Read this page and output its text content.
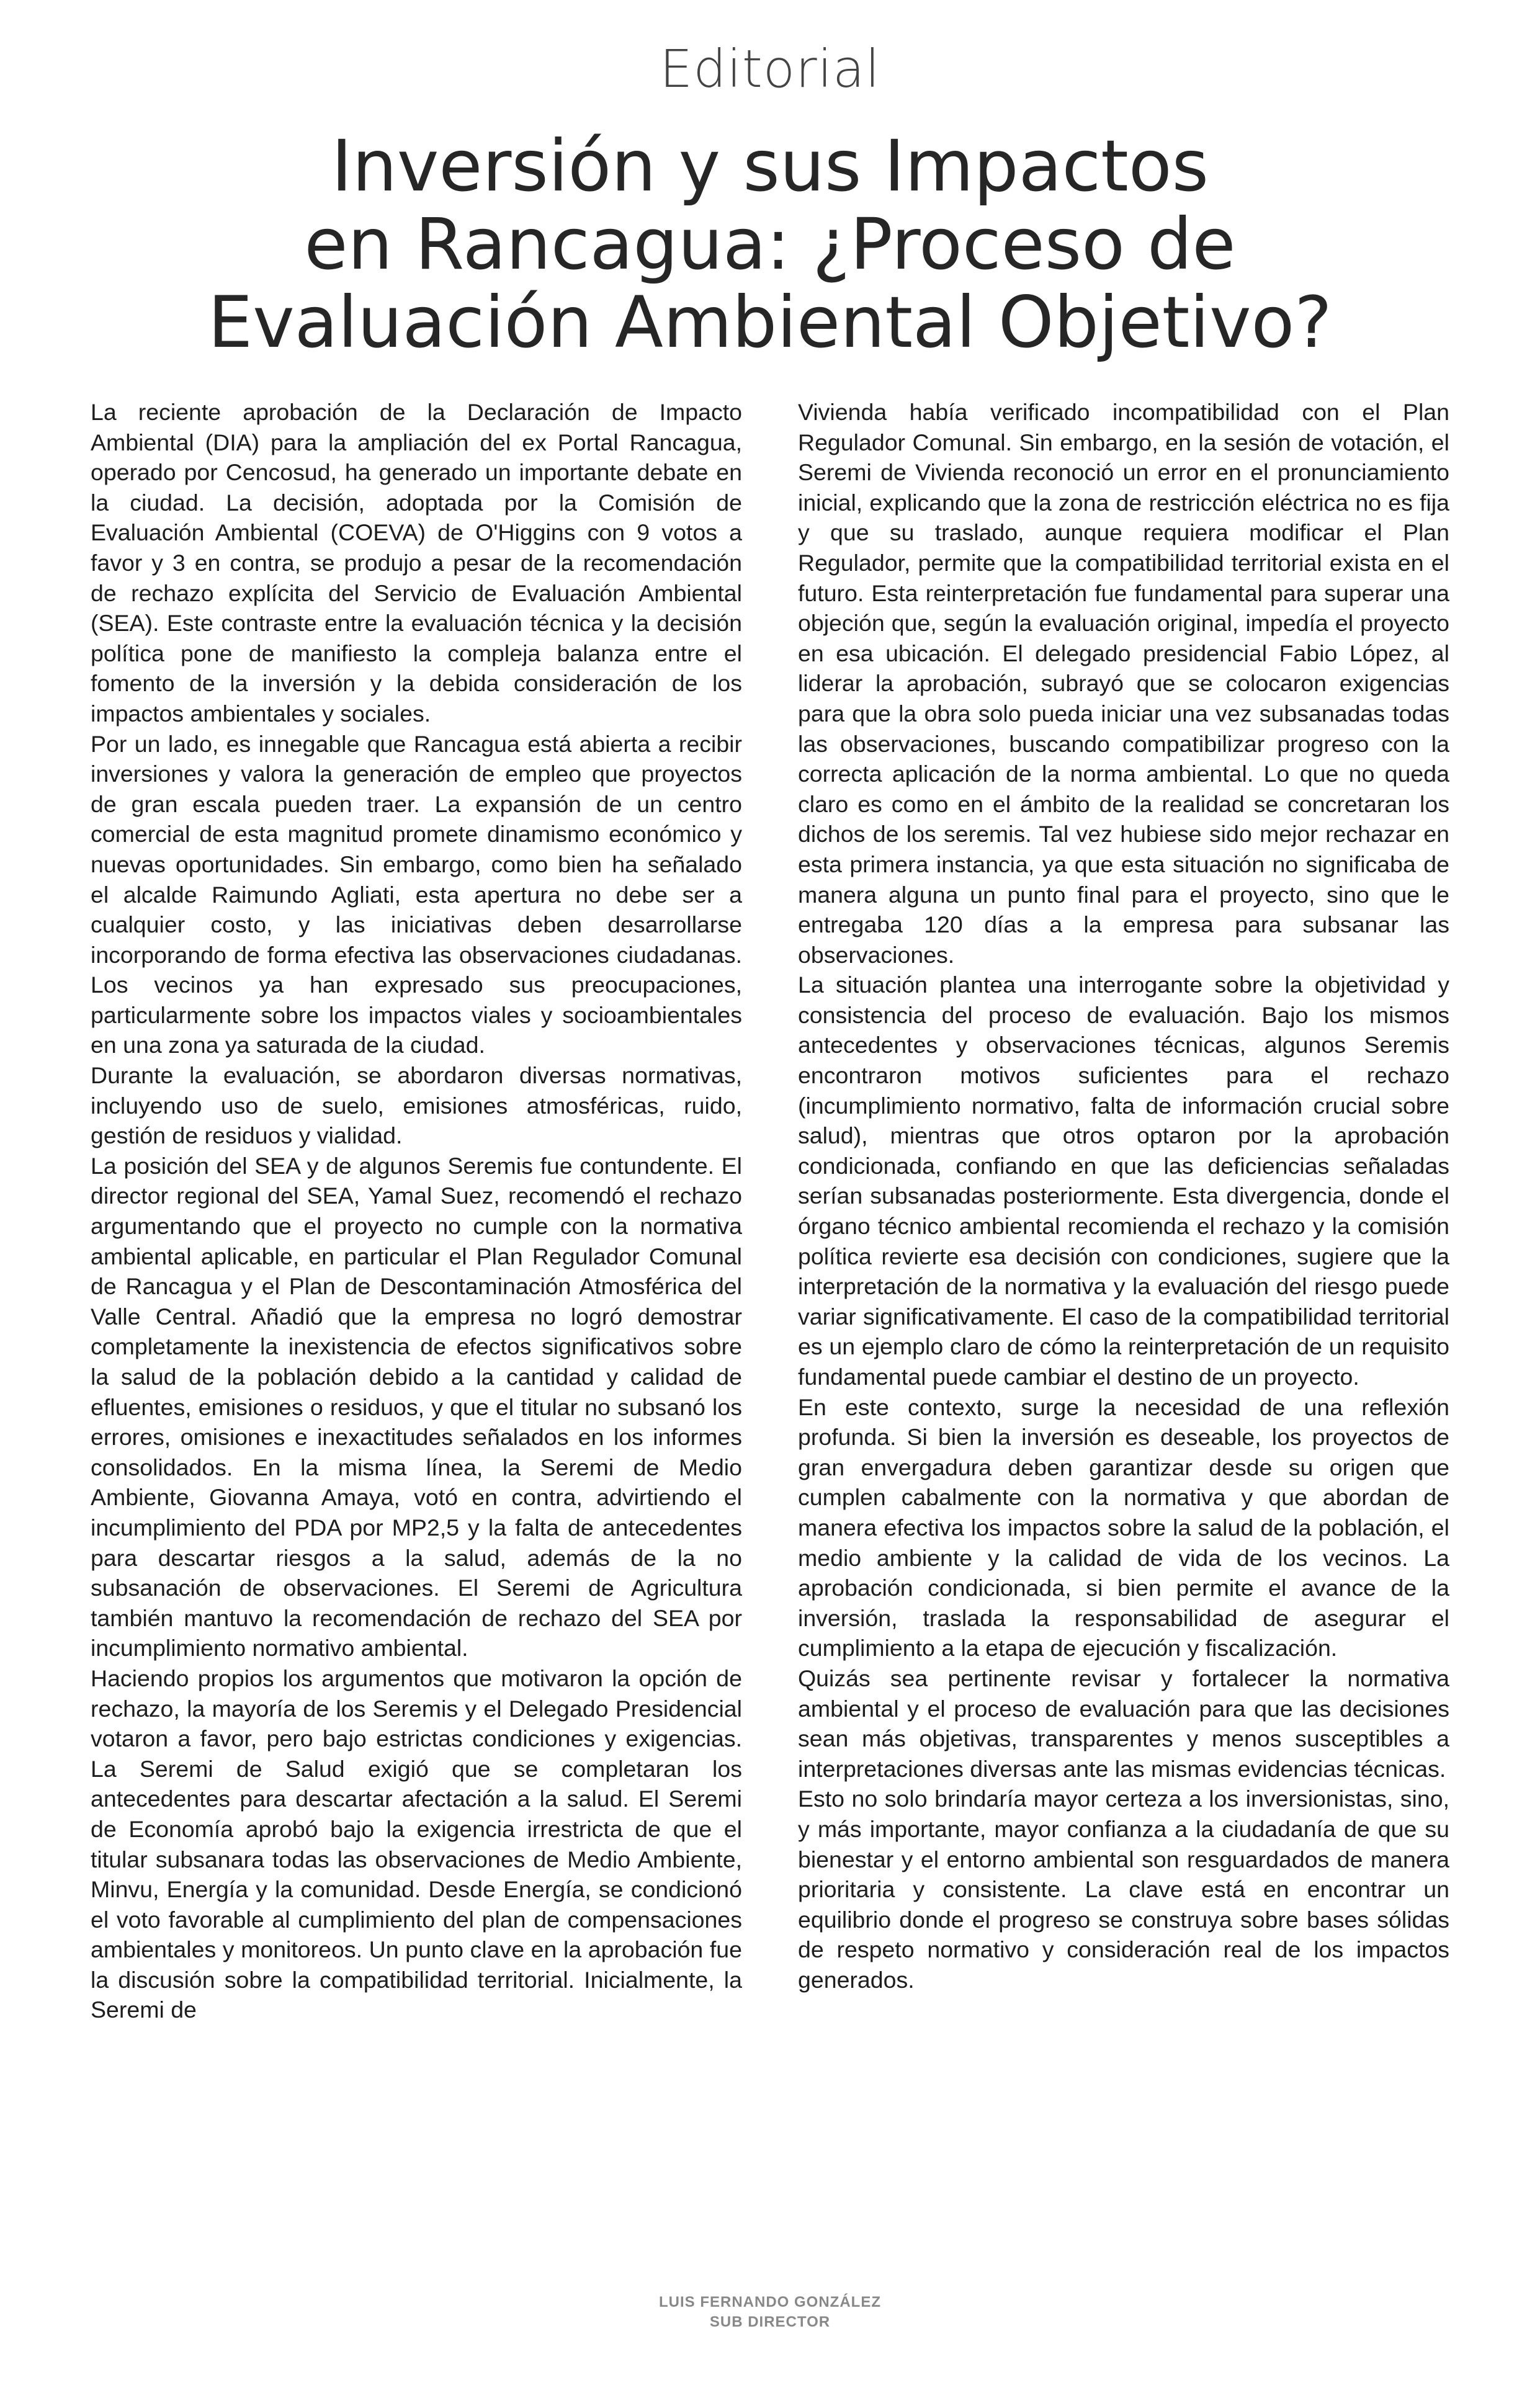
Editorial
Inversión y sus Impactos
en Rancagua: ¿Proceso de
Evaluación Ambiental Objetivo?

La reciente aprobación de la Declaración de Impacto Ambiental (DIA) para la ampliación del ex Portal Rancagua, operado por Cencosud, ha generado un importante debate en la ciudad. La decisión, adoptada por la Comisión de Evaluación Ambiental (COEVA) de O'Higgins con 9 votos a favor y 3 en contra, se produjo a pesar de la recomendación de rechazo explícita del Servicio de Evaluación Ambiental (SEA). Este contraste entre la evaluación técnica y la decisión política pone de manifiesto la compleja balanza entre el fomento de la inversión y la debida consideración de los impactos ambientales y sociales.

Por un lado, es innegable que Rancagua está abierta a recibir inversiones y valora la generación de empleo que proyectos de gran escala pueden traer. La expansión de un centro comercial de esta magnitud promete dinamismo económico y nuevas oportunidades. Sin embargo, como bien ha señalado el alcalde Raimundo Agliati, esta apertura no debe ser a cualquier costo, y las iniciativas deben desarrollarse incorporando de forma efectiva las observaciones ciudadanas. Los vecinos ya han expresado sus preocupaciones, particularmente sobre los impactos viales y socioambientales en una zona ya saturada de la ciudad.

Durante la evaluación, se abordaron diversas normativas, incluyendo uso de suelo, emisiones atmosféricas, ruido, gestión de residuos y vialidad.

La posición del SEA y de algunos Seremis fue contundente. El director regional del SEA, Yamal Suez, recomendó el rechazo argumentando que el proyecto no cumple con la normativa ambiental aplicable, en particular el Plan Regulador Comunal de Rancagua y el Plan de Descontaminación Atmosférica del Valle Central. Añadió que la empresa no logró demostrar completamente la inexistencia de efectos significativos sobre la salud de la población debido a la cantidad y calidad de efluentes, emisiones o residuos, y que el titular no subsanó los errores, omisiones e inexactitudes señalados en los informes consolidados. En la misma línea, la Seremi de Medio Ambiente, Giovanna Amaya, votó en contra, advirtiendo el incumplimiento del PDA por MP2,5 y la falta de antecedentes para descartar riesgos a la salud, además de la no subsanación de observaciones. El Seremi de Agricultura también mantuvo la recomendación de rechazo del SEA por incumplimiento normativo ambiental.

Haciendo propios los argumentos que motivaron la opción de rechazo, la mayoría de los Seremis y el Delegado Presidencial votaron a favor, pero bajo estrictas condiciones y exigencias. La Seremi de Salud exigió que se completaran los antecedentes para descartar afectación a la salud. El Seremi de Economía aprobó bajo la exigencia irrestricta de que el titular subsanara todas las observaciones de Medio Ambiente, Minvu, Energía y la comunidad. Desde Energía, se condicionó el voto favorable al cumplimiento del plan de compensaciones ambientales y monitoreos. Un punto clave en la aprobación fue la discusión sobre la compatibilidad territorial. Inicialmente, la Seremi de

Vivienda había verificado incompatibilidad con el Plan Regulador Comunal. Sin embargo, en la sesión de votación, el Seremi de Vivienda reconoció un error en el pronunciamiento inicial, explicando que la zona de restricción eléctrica no es fija y que su traslado, aunque requiera modificar el Plan Regulador, permite que la compatibilidad territorial exista en el futuro. Esta reinterpretación fue fundamental para superar una objeción que, según la evaluación original, impedía el proyecto en esa ubicación. El delegado presidencial Fabio López, al liderar la aprobación, subrayó que se colocaron exigencias para que la obra solo pueda iniciar una vez subsanadas todas las observaciones, buscando compatibilizar progreso con la correcta aplicación de la norma ambiental. Lo que no queda claro es como en el ámbito de la realidad se concretaran los dichos de los seremis. Tal vez hubiese sido mejor rechazar en esta primera instancia, ya que esta situación no significaba de manera alguna un punto final para el proyecto, sino que le entregaba 120 días a la empresa para subsanar las observaciones.

La situación plantea una interrogante sobre la objetividad y consistencia del proceso de evaluación. Bajo los mismos antecedentes y observaciones técnicas, algunos Seremis encontraron motivos suficientes para el rechazo (incumplimiento normativo, falta de información crucial sobre salud), mientras que otros optaron por la aprobación condicionada, confiando en que las deficiencias señaladas serían subsanadas posteriormente. Esta divergencia, donde el órgano técnico ambiental recomienda el rechazo y la comisión política revierte esa decisión con condiciones, sugiere que la interpretación de la normativa y la evaluación del riesgo puede variar significativamente. El caso de la compatibilidad territorial es un ejemplo claro de cómo la reinterpretación de un requisito fundamental puede cambiar el destino de un proyecto.

En este contexto, surge la necesidad de una reflexión profunda. Si bien la inversión es deseable, los proyectos de gran envergadura deben garantizar desde su origen que cumplen cabalmente con la normativa y que abordan de manera efectiva los impactos sobre la salud de la población, el medio ambiente y la calidad de vida de los vecinos. La aprobación condicionada, si bien permite el avance de la inversión, traslada la responsabilidad de asegurar el cumplimiento a la etapa de ejecución y fiscalización.

Quizás sea pertinente revisar y fortalecer la normativa ambiental y el proceso de evaluación para que las decisiones sean más objetivas, transparentes y menos susceptibles a interpretaciones diversas ante las mismas evidencias técnicas.

Esto no solo brindaría mayor certeza a los inversionistas, sino, y más importante, mayor confianza a la ciudadanía de que su bienestar y el entorno ambiental son resguardados de manera prioritaria y consistente. La clave está en encontrar un equilibrio donde el progreso se construya sobre bases sólidas de respeto normativo y consideración real de los impactos generados.

LUIS FERNANDO GONZÁLEZ
SUB DIRECTOR
